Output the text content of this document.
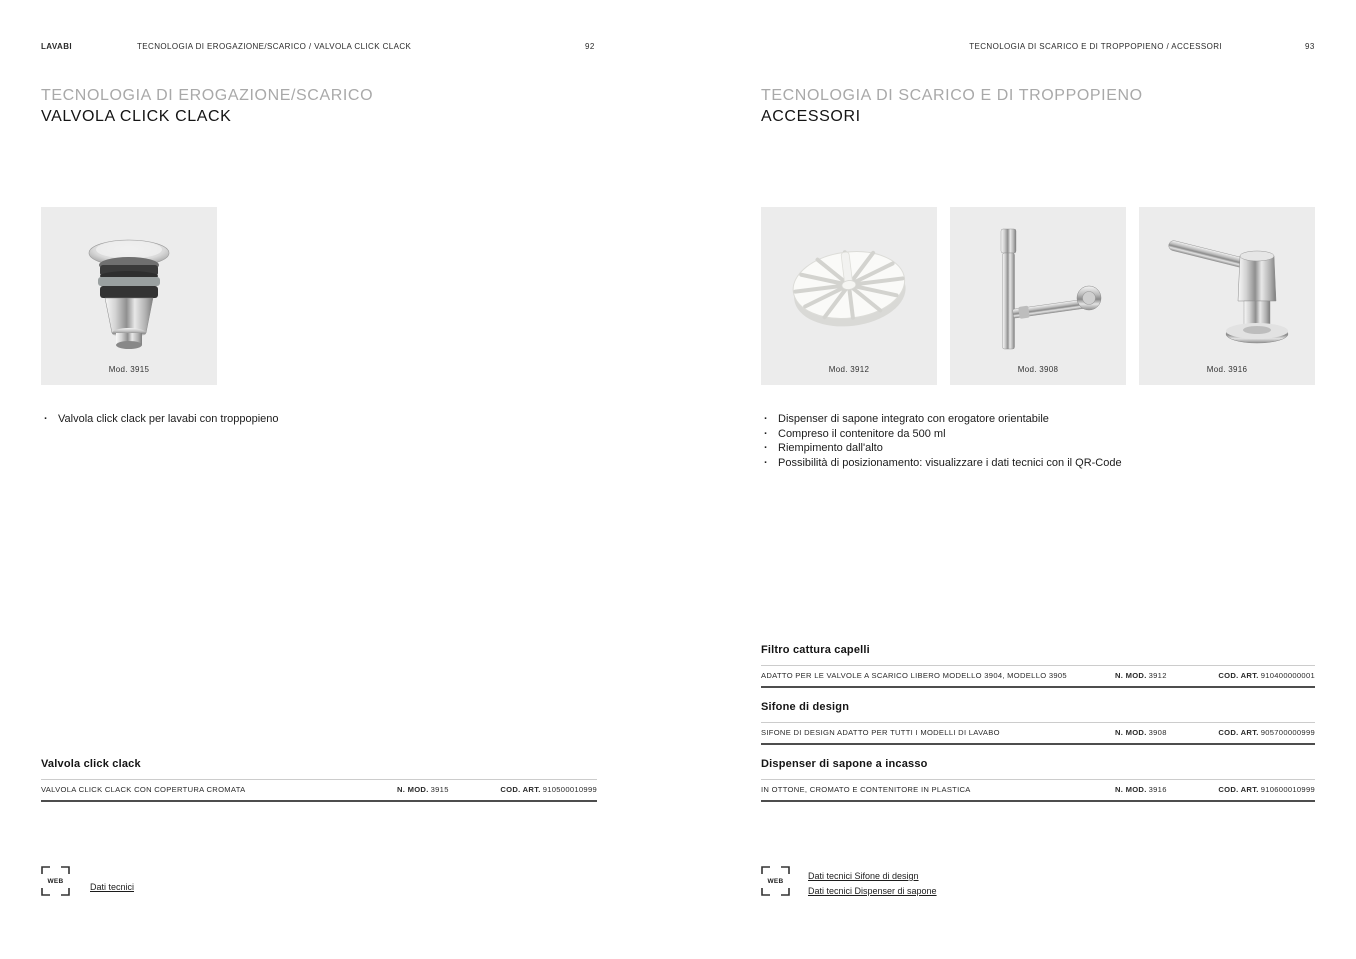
LAVABI	TECNOLOGIA DI EROGAZIONE/SCARICO / VALVOLA CLICK CLACK	92
TECNOLOGIA DI EROGAZIONE/SCARICO
VALVOLA CLICK CLACK
Mod. 3915
· Valvola click clack per lavabi con troppopieno
Valvola click clack
VALVOLA CLICK CLACK CON COPERTURA CROMATA	N. MOD. 3915	COD. ART. 910500010999
WEB
Dati tecnici
TECNOLOGIA DI SCARICO E DI TROPPOPIENO / ACCESSORI	93
TECNOLOGIA DI SCARICO E DI TROPPOPIENO
ACCESSORI
Mod. 3912	Mod. 3908	Mod. 3916
· Dispenser di sapone integrato con erogatore orientabile
· Compreso il contenitore da 500 ml
· Riempimento dall'alto
· Possibilità di posizionamento: visualizzare i dati tecnici con il QR-Code
Filtro cattura capelli
ADATTO PER LE VALVOLE A SCARICO LIBERO MODELLO 3904, MODELLO 3905	N. MOD. 3912	COD. ART. 910400000001
Sifone di design
SIFONE DI DESIGN ADATTO PER TUTTI I MODELLI DI LAVABO	N. MOD. 3908	COD. ART. 905700000999
Dispenser di sapone a incasso
IN OTTONE, CROMATO E CONTENITORE IN PLASTICA	N. MOD. 3916	COD. ART. 910600010999
WEB	Dati tecnici Sifone di design
Dati tecnici Dispenser di sapone
